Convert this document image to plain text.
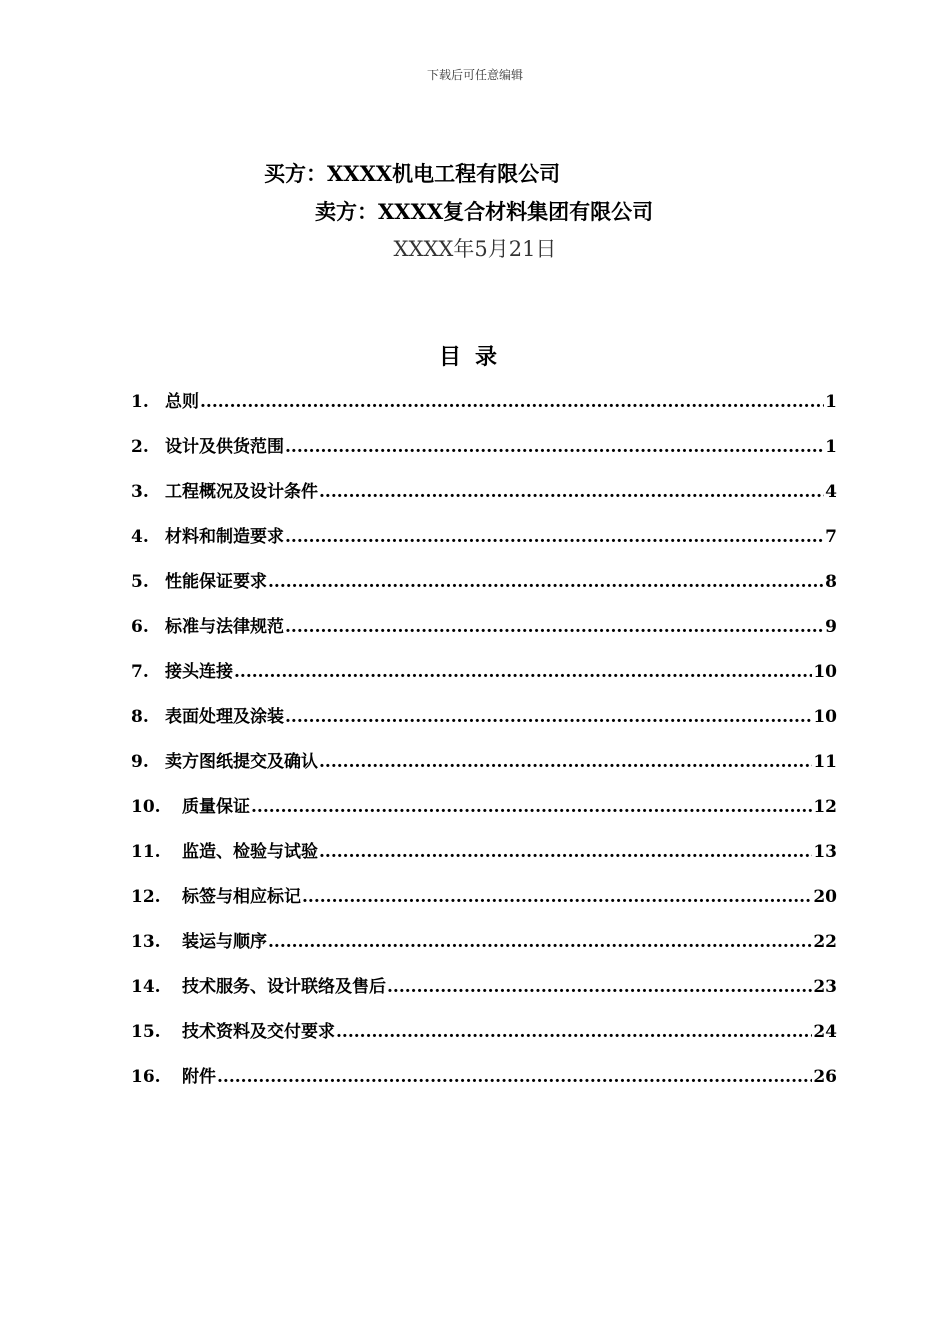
下载后可任意编辑
买方：XXXX机电工程有限公司
卖方：XXXX复合材料集团有限公司
XXXX年5月21日
目录
1. 总则 .....	1
2. 设计及供货范围 .....	1
3. 工程概况及设计条件 .....	4
4. 材料和制造要求 .....	7
5. 性能保证要求 .....	8
6. 标准与法律规范 .....	9
7. 接头连接 .....	10
8. 表面处理及涂装 .....	10
9. 卖方图纸提交及确认 .....	11
10.	质量保证 .....	12
11.	监造、检验与试验 .....	13
12.	标签与相应标记 .....	20
13.	装运与顺序 .....	22
14.	技术服务、设计联络及售后 .....	23
15.	技术资料及交付要求 .....	24
16.	附件 .....	26
